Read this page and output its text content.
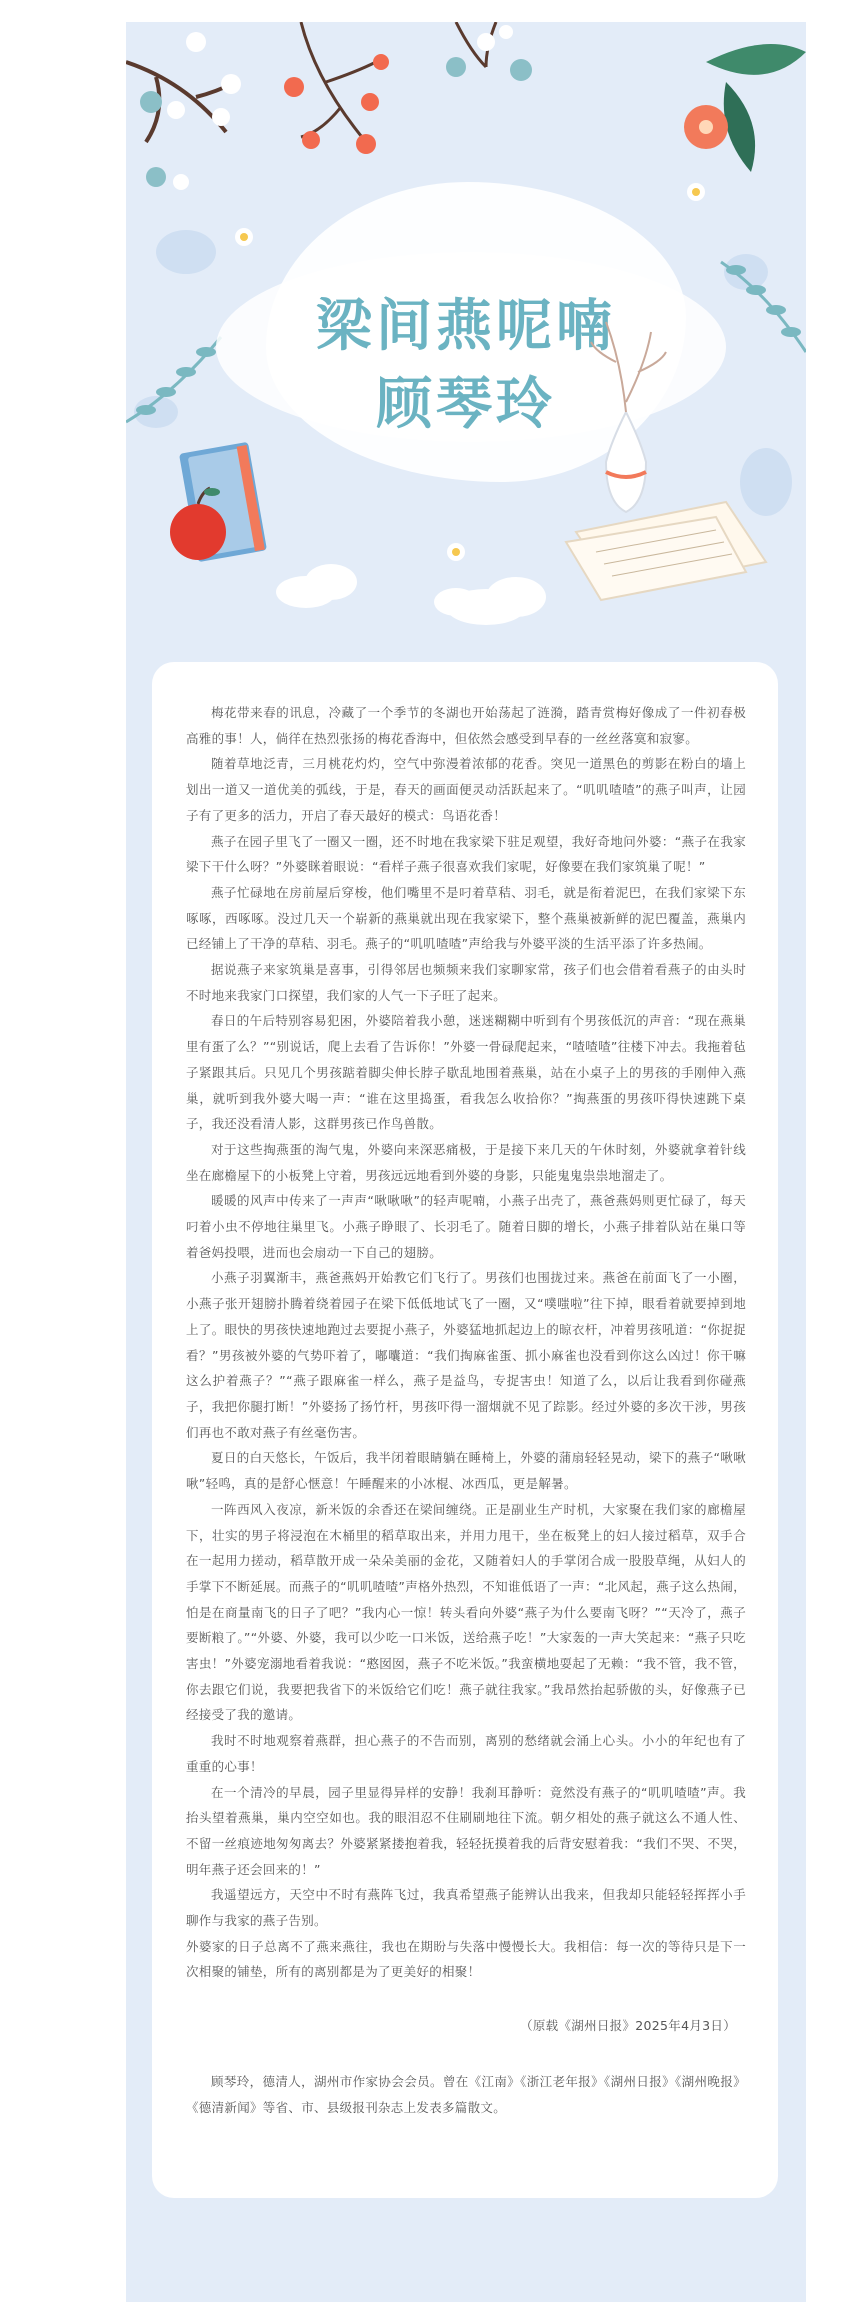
梁间燕呢喃
顾琴玲

梅花带来春的讯息，冷藏了一个季节的冬湖也开始荡起了涟漪，踏青赏梅好像成了一件初春极高雅的事！人，倘徉在热烈张扬的梅花香海中，但依然会感受到早春的一丝丝落寞和寂寥。

随着草地泛青，三月桃花灼灼，空气中弥漫着浓郁的花香。突见一道黑色的剪影在粉白的墙上划出一道又一道优美的弧线，于是，春天的画面便灵动活跃起来了。“叽叽喳喳”的燕子叫声，让园子有了更多的活力，开启了春天最好的模式：鸟语花香！

燕子在园子里飞了一圈又一圈，还不时地在我家梁下驻足观望，我好奇地问外婆：“燕子在我家梁下干什么呀？”外婆眯着眼说：“看样子燕子很喜欢我们家呢，好像要在我们家筑巢了呢！”

燕子忙碌地在房前屋后穿梭，他们嘴里不是叼着草秸、羽毛，就是衔着泥巴，在我们家梁下东啄啄，西啄啄。没过几天一个崭新的燕巢就出现在我家梁下，整个燕巢被新鲜的泥巴覆盖，燕巢内已经铺上了干净的草秸、羽毛。燕子的“叽叽喳喳”声给我与外婆平淡的生活平添了许多热闹。

据说燕子来家筑巢是喜事，引得邻居也频频来我们家聊家常，孩子们也会借着看燕子的由头时不时地来我家门口探望，我们家的人气一下子旺了起来。

春日的午后特别容易犯困，外婆陪着我小憩，迷迷糊糊中听到有个男孩低沉的声音：“现在燕巢里有蛋了么？”“别说话，爬上去看了告诉你！”外婆一骨碌爬起来，“喳喳喳”往楼下冲去。我拖着毡子紧跟其后。只见几个男孩踮着脚尖伸长脖子歇乱地围着燕巢，站在小桌子上的男孩的手刚伸入燕巢，就听到我外婆大喝一声：“谁在这里捣蛋，看我怎么收拾你？”掏燕蛋的男孩吓得快速跳下桌子，我还没看清人影，这群男孩已作鸟兽散。

对于这些掏燕蛋的淘气鬼，外婆向来深恶痛极，于是接下来几天的午休时刻，外婆就拿着针线坐在廊檐屋下的小板凳上守着，男孩远远地看到外婆的身影，只能鬼鬼祟祟地溜走了。

暖暖的风声中传来了一声声“啾啾啾”的轻声呢喃，小燕子出壳了，燕爸燕妈则更忙碌了，每天叼着小虫不停地往巢里飞。小燕子睁眼了、长羽毛了。随着日脚的增长，小燕子排着队站在巢口等着爸妈投喂，进而也会扇动一下自己的翅膀。

小燕子羽翼渐丰，燕爸燕妈开始教它们飞行了。男孩们也围拢过来。燕爸在前面飞了一小圈，小燕子张开翅膀扑腾着绕着园子在梁下低低地试飞了一圈，又“噗嗤啦”往下掉，眼看着就要掉到地上了。眼快的男孩快速地跑过去要捉小燕子，外婆猛地抓起边上的晾衣杆，冲着男孩吼道：“你捉捉看？”男孩被外婆的气势吓着了，嘟囔道：“我们掏麻雀蛋、抓小麻雀也没看到你这么凶过！你干嘛这么护着燕子？”“燕子跟麻雀一样么，燕子是益鸟，专捉害虫！知道了么，以后让我看到你碰燕子，我把你腿打断！”外婆扬了扬竹杆，男孩吓得一溜烟就不见了踪影。经过外婆的多次干涉，男孩们再也不敢对燕子有丝毫伤害。

夏日的白天悠长，午饭后，我半闭着眼睛躺在睡椅上，外婆的蒲扇轻轻晃动，梁下的燕子“啾啾啾”轻鸣，真的是舒心惬意！午睡醒来的小冰棍、冰西瓜，更是解暑。

一阵西风入夜凉，新米饭的余香还在梁间缠绕。正是副业生产时机，大家聚在我们家的廊檐屋下，壮实的男子将浸泡在木桶里的稻草取出来，并用力甩干，坐在板凳上的妇人接过稻草，双手合在一起用力搓动，稻草散开成一朵朵美丽的金花，又随着妇人的手掌闭合成一股股草绳，从妇人的手掌下不断延展。而燕子的“叽叽喳喳”声格外热烈，不知谁低语了一声：“北风起，燕子这么热闹，怕是在商量南飞的日子了吧？”我内心一惊！转头看向外婆“燕子为什么要南飞呀？”“天冷了，燕子要断粮了。”“外婆、外婆，我可以少吃一口米饭，送给燕子吃！”大家轰的一声大笑起来：“燕子只吃害虫！”外婆宠溺地看着我说：“憨囡囡，燕子不吃米饭。”我蛮横地耍起了无赖：“我不管，我不管，你去跟它们说，我要把我省下的米饭给它们吃！燕子就往我家。”我昂然抬起骄傲的头，好像燕子已经接受了我的邀请。

我时不时地观察着燕群，担心燕子的不告而别，离别的愁绪就会涌上心头。小小的年纪也有了重重的心事！

在一个清冷的早晨，园子里显得异样的安静！我刹耳静听：竟然没有燕子的“叽叽喳喳”声。我抬头望着燕巢，巢内空空如也。我的眼泪忍不住刷刷地往下流。朝夕相处的燕子就这么不通人性、不留一丝痕迹地匆匆离去？外婆紧紧搂抱着我，轻轻抚摸着我的后背安慰着我：“我们不哭、不哭，明年燕子还会回来的！”

我遥望远方，天空中不时有燕阵飞过，我真希望燕子能辨认出我来，但我却只能轻轻挥挥小手聊作与我家的燕子告别。

外婆家的日子总离不了燕来燕往，我也在期盼与失落中慢慢长大。我相信：每一次的等待只是下一次相聚的铺垫，所有的离别都是为了更美好的相聚！

（原载《湖州日报》2025年4月3日）

顾琴玲，德清人，湖州市作家协会会员。曾在《江南》《浙江老年报》《湖州日报》《湖州晚报》《德清新闻》等省、市、县级报刊杂志上发表多篇散文。
